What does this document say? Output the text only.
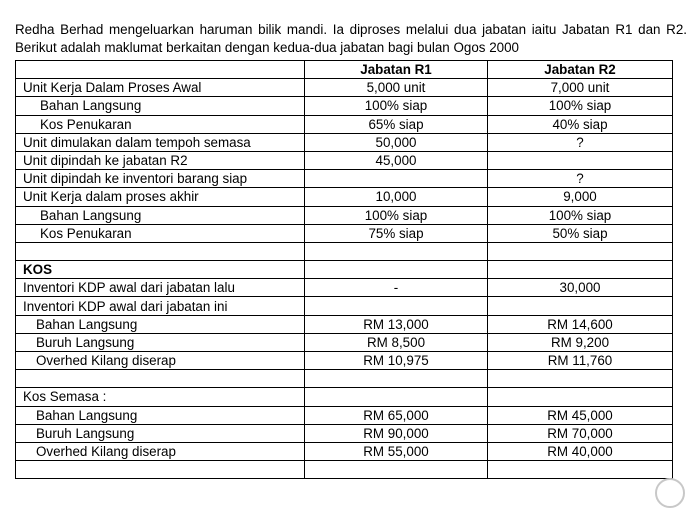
Redha Berhad mengeluarkan haruman bilik mandi. Ia diproses melalui dua jabatan iaitu Jabatan R1 dan R2. Berikut adalah maklumat berkaitan dengan kedua-dua jabatan bagi bulan Ogos 2000

	Jabatan R1	Jabatan R2
Unit Kerja Dalam Proses Awal	5,000 unit	7,000 unit
Bahan Langsung	100% siap	100% siap
Kos Penukaran	65% siap	40% siap
Unit dimulakan dalam tempoh semasa	50,000	?
Unit dipindah ke jabatan R2	45,000	
Unit dipindah ke inventori barang siap		?
Unit Kerja dalam proses akhir	10,000	9,000
Bahan Langsung	100% siap	100% siap
Kos Penukaran	75% siap	50% siap

KOS		
Inventori KDP awal dari jabatan lalu	-	30,000
Inventori KDP awal dari jabatan ini		
Bahan Langsung	RM 13,000	RM 14,600
Buruh Langsung	RM 8,500	RM 9,200
Overhed Kilang diserap	RM 10,975	RM 11,760

Kos Semasa :		
Bahan Langsung	RM 65,000	RM 45,000
Buruh Langsung	RM 90,000	RM 70,000
Overhed Kilang diserap	RM 55,000	RM 40,000
